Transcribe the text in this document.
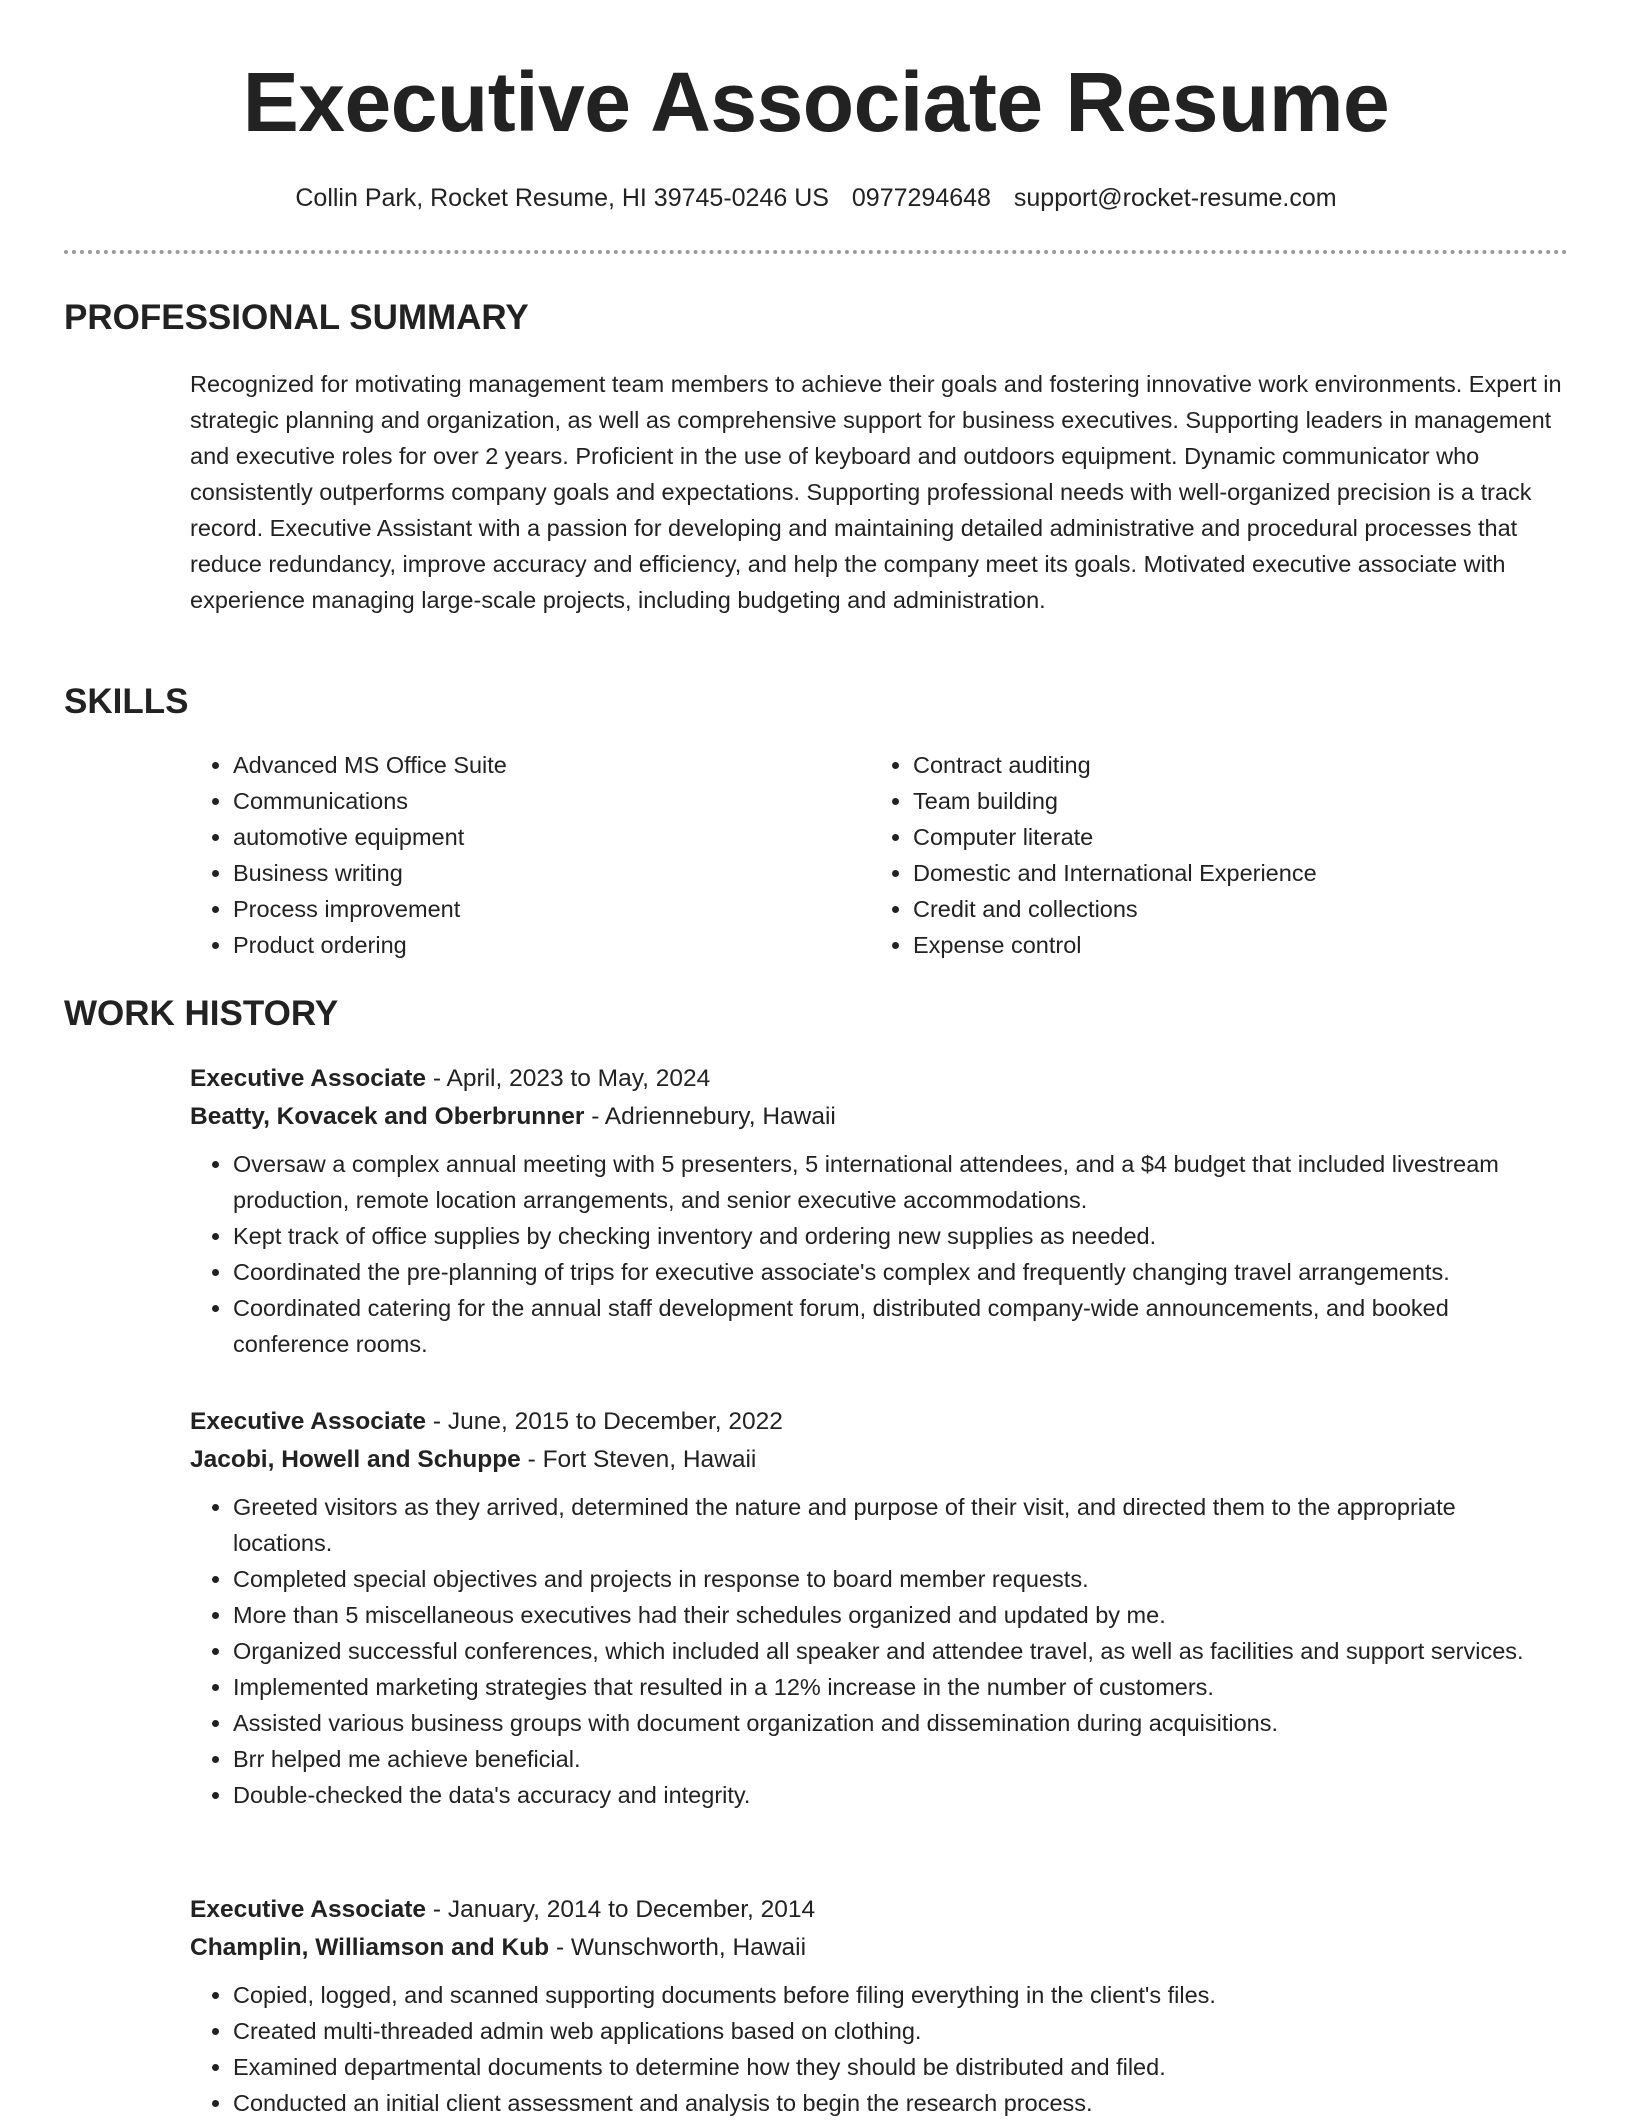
Executive Associate Resume
Collin Park, Rocket Resume, HI 39745-0246 US 0977294648 support@rocket-resume.com
PROFESSIONAL SUMMARY

Recognized for motivating management team members to achieve their goals and fostering innovative work environments. Expert in strategic planning and organization, as well as comprehensive support for business executives. Supporting leaders in management and executive roles for over 2 years. Proficient in the use of keyboard and outdoors equipment. Dynamic communicator who consistently outperforms company goals and expectations. Supporting professional needs with well-organized precision is a track record. Executive Assistant with a passion for developing and maintaining detailed administrative and procedural processes that reduce redundancy, improve accuracy and efficiency, and help the company meet its goals. Motivated executive associate with experience managing large-scale projects, including budgeting and administration.

SKILLS
• Advanced MS Office Suite
• Communications
• automotive equipment
• Business writing
• Process improvement
• Product ordering
• Contract auditing
• Team building
• Computer literate
• Domestic and International Experience
• Credit and collections
• Expense control
WORK HISTORY
Executive Associate - April, 2023 to May, 2024
Beatty, Kovacek and Oberbrunner - Adriennebury, Hawaii
• Oversaw a complex annual meeting with 5 presenters, 5 international attendees, and a $4 budget that included livestream production, remote location arrangements, and senior executive accommodations.
• Kept track of office supplies by checking inventory and ordering new supplies as needed.
• Coordinated the pre-planning of trips for executive associate's complex and frequently changing travel arrangements.
• Coordinated catering for the annual staff development forum, distributed company-wide announcements, and booked conference rooms.
Executive Associate - June, 2015 to December, 2022
Jacobi, Howell and Schuppe - Fort Steven, Hawaii
• Greeted visitors as they arrived, determined the nature and purpose of their visit, and directed them to the appropriate locations.
• Completed special objectives and projects in response to board member requests.
• More than 5 miscellaneous executives had their schedules organized and updated by me.
• Organized successful conferences, which included all speaker and attendee travel, as well as facilities and support services.
• Implemented marketing strategies that resulted in a 12% increase in the number of customers.
• Assisted various business groups with document organization and dissemination during acquisitions.
• Brr helped me achieve beneficial.
• Double-checked the data's accuracy and integrity.
Executive Associate - January, 2014 to December, 2014
Champlin, Williamson and Kub - Wunschworth, Hawaii
• Copied, logged, and scanned supporting documents before filing everything in the client's files.
• Created multi-threaded admin web applications based on clothing.
• Examined departmental documents to determine how they should be distributed and filed.
• Conducted an initial client assessment and analysis to begin the research process.
